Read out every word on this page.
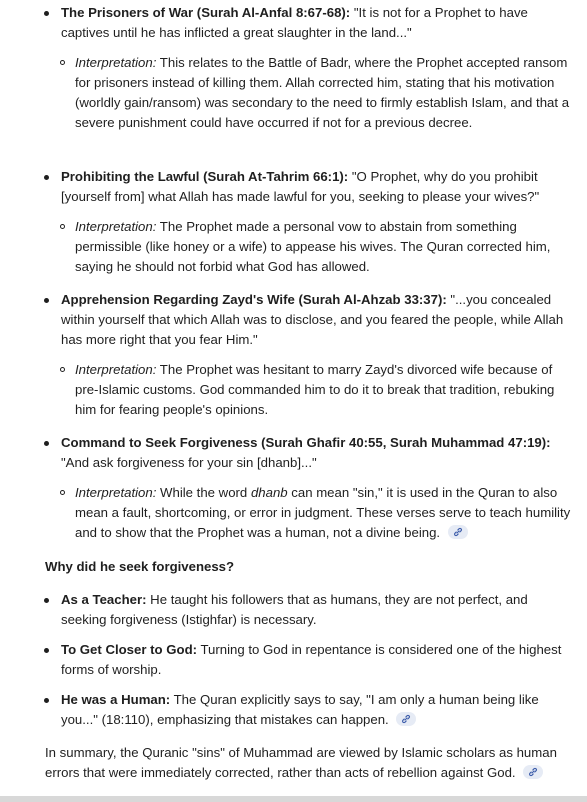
The Prisoners of War (Surah Al-Anfal 8:67-68): "It is not for a Prophet to have captives until he has inflicted a great slaughter in the land..."
Interpretation: This relates to the Battle of Badr, where the Prophet accepted ransom for prisoners instead of killing them. Allah corrected him, stating that his motivation (worldly gain/ransom) was secondary to the need to firmly establish Islam, and that a severe punishment could have occurred if not for a previous decree.
Prohibiting the Lawful (Surah At-Tahrim 66:1): "O Prophet, why do you prohibit [yourself from] what Allah has made lawful for you, seeking to please your wives?"
Interpretation: The Prophet made a personal vow to abstain from something permissible (like honey or a wife) to appease his wives. The Quran corrected him, saying he should not forbid what God has allowed.
Apprehension Regarding Zayd's Wife (Surah Al-Ahzab 33:37): "...you concealed within yourself that which Allah was to disclose, and you feared the people, while Allah has more right that you fear Him."
Interpretation: The Prophet was hesitant to marry Zayd's divorced wife because of pre-Islamic customs. God commanded him to do it to break that tradition, rebuking him for fearing people's opinions.
Command to Seek Forgiveness (Surah Ghafir 40:55, Surah Muhammad 47:19): "And ask forgiveness for your sin [dhanb]..."
Interpretation: While the word dhanb can mean "sin," it is used in the Quran to also mean a fault, shortcoming, or error in judgment. These verses serve to teach humility and to show that the Prophet was a human, not a divine being.
Why did he seek forgiveness?
As a Teacher: He taught his followers that as humans, they are not perfect, and seeking forgiveness (Istighfar) is necessary.
To Get Closer to God: Turning to God in repentance is considered one of the highest forms of worship.
He was a Human: The Quran explicitly says to say, "I am only a human being like you..." (18:110), emphasizing that mistakes can happen.
In summary, the Quranic "sins" of Muhammad are viewed by Islamic scholars as human errors that were immediately corrected, rather than acts of rebellion against God.
